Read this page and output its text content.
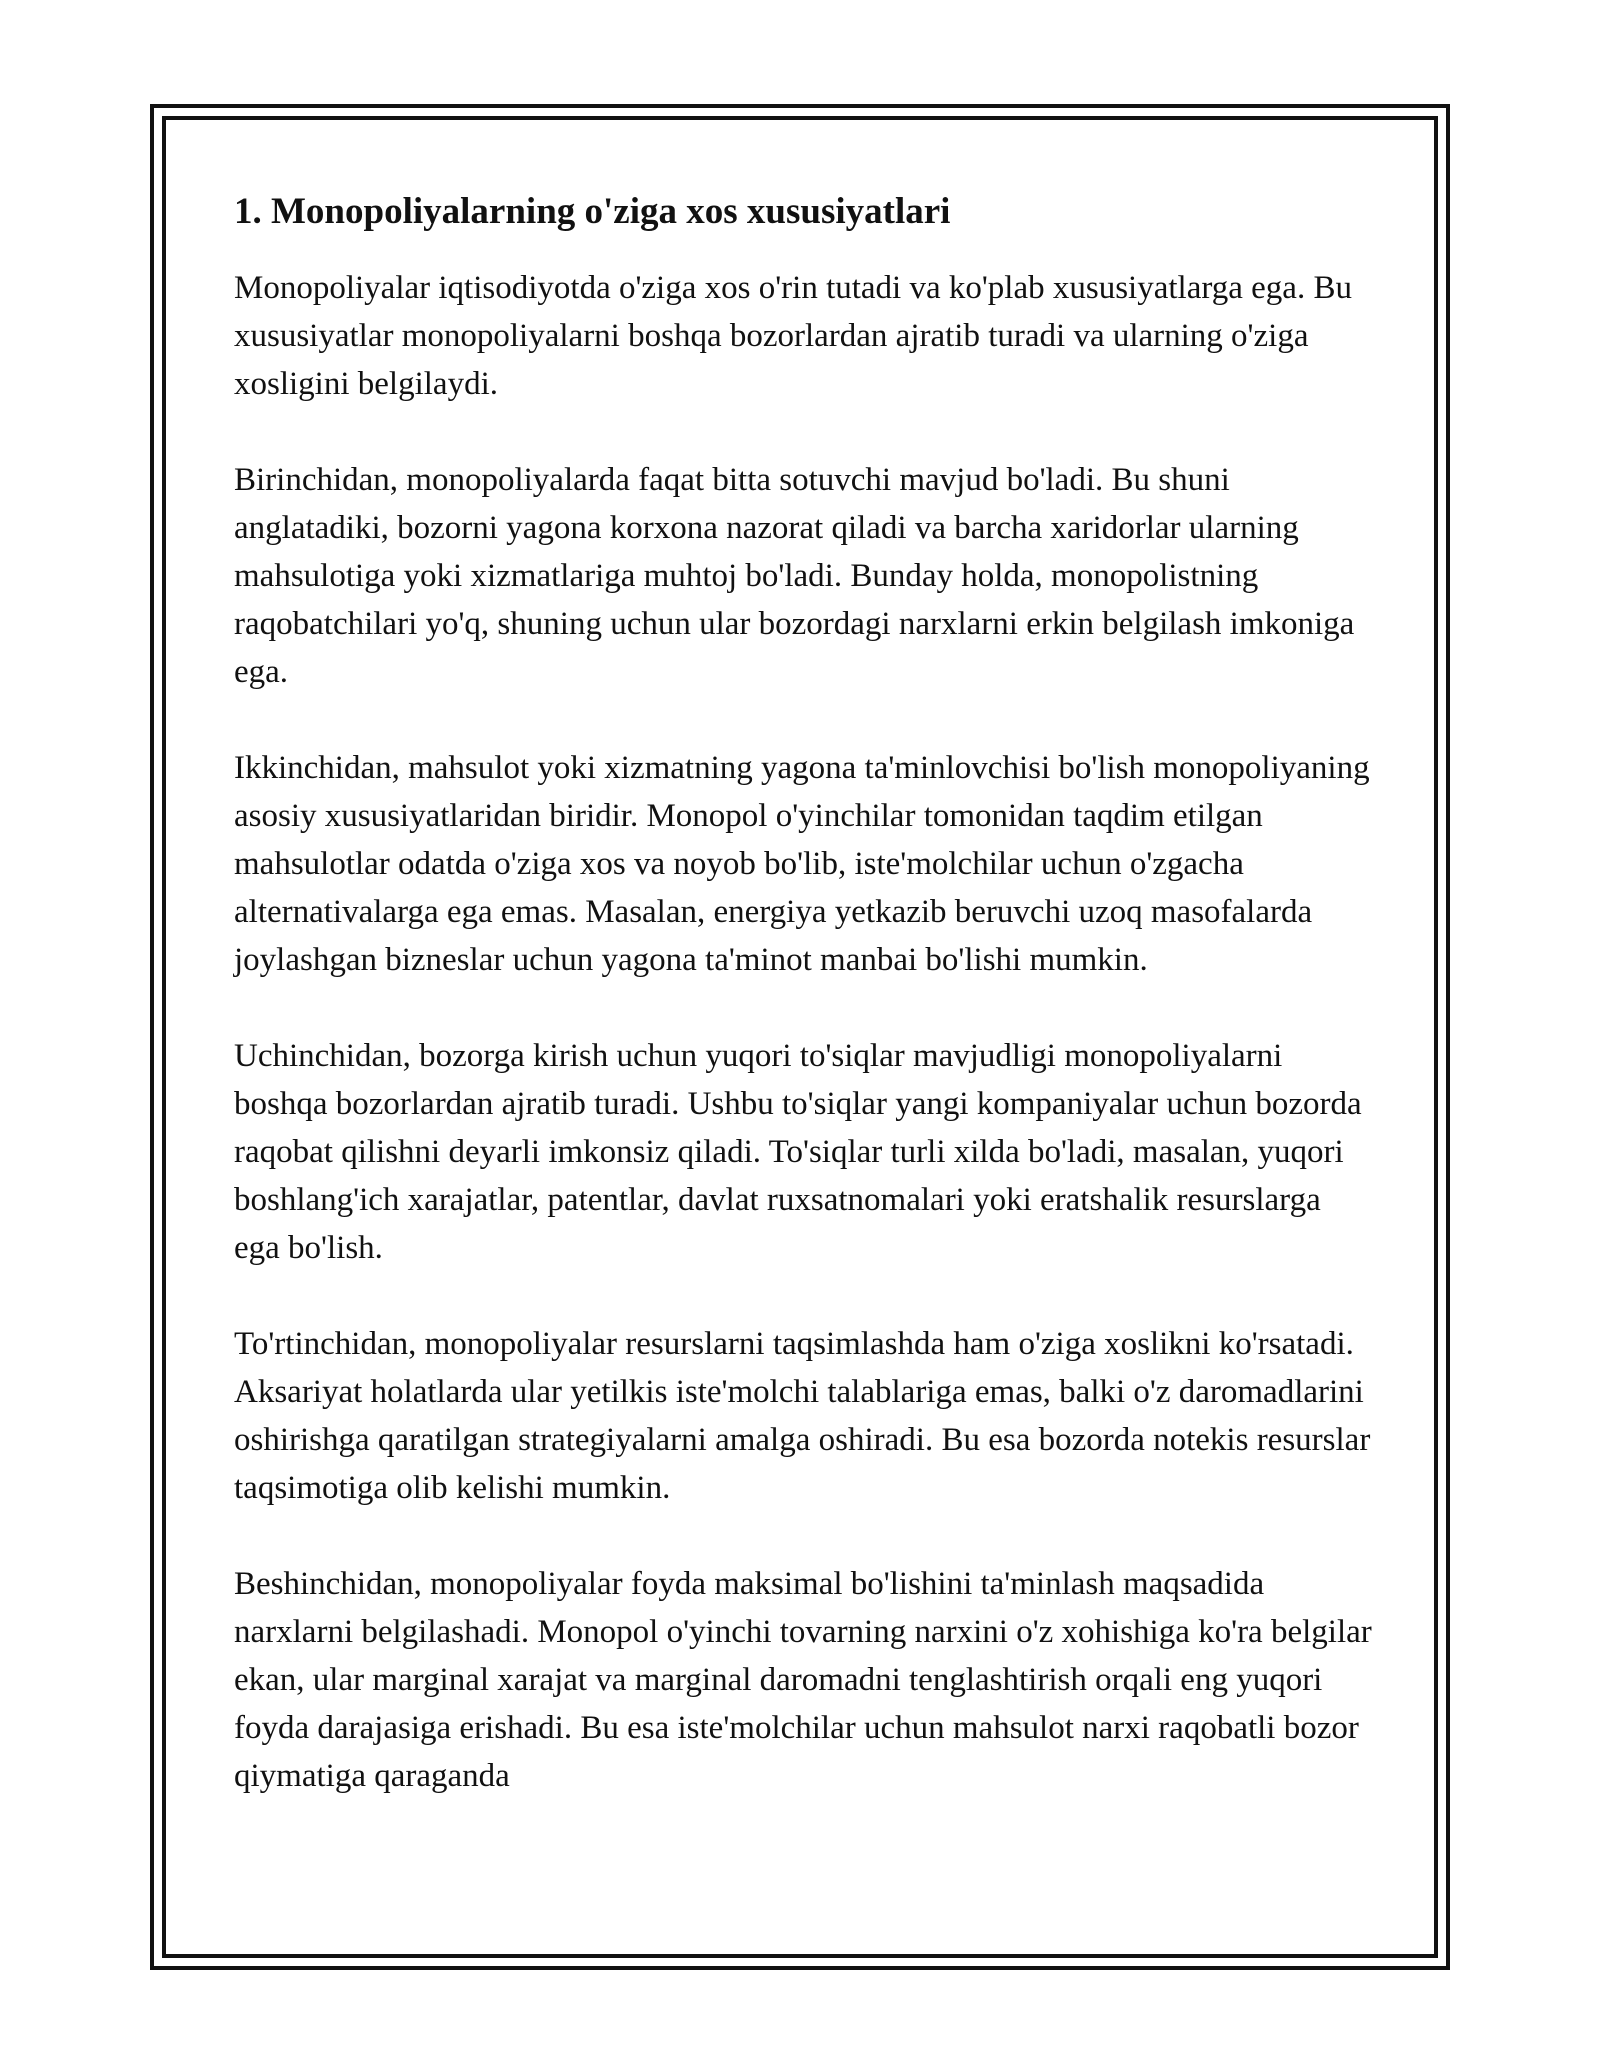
1. Monopoliyalarning o'ziga xos xususiyatlari

Monopoliyalar iqtisodiyotda o'ziga xos o'rin tutadi va ko'plab xususiyatlarga ega. Bu xususiyatlar monopoliyalarni boshqa bozorlardan ajratib turadi va ularning o'ziga xosligini belgilaydi.

Birinchidan, monopoliyalarda faqat bitta sotuvchi mavjud bo'ladi. Bu shuni anglatadiki, bozorni yagona korxona nazorat qiladi va barcha xaridorlar ularning mahsulotiga yoki xizmatlariga muhtoj bo'ladi. Bunday holda, monopolistning raqobatchilari yo'q, shuning uchun ular bozordagi narxlarni erkin belgilash imkoniga ega.

Ikkinchidan, mahsulot yoki xizmatning yagona ta'minlovchisi bo'lish monopoliyaning asosiy xususiyatlaridan biridir. Monopol o'yinchilar tomonidan taqdim etilgan mahsulotlar odatda o'ziga xos va noyob bo'lib, iste'molchilar uchun o'zgacha alternativalarga ega emas. Masalan, energiya yetkazib beruvchi uzoq masofalarda joylashgan bizneslar uchun yagona ta'minot manbai bo'lishi mumkin.

Uchinchidan, bozorga kirish uchun yuqori to'siqlar mavjudligi monopoliyalarni boshqa bozorlardan ajratib turadi. Ushbu to'siqlar yangi kompaniyalar uchun bozorda raqobat qilishni deyarli imkonsiz qiladi. To'siqlar turli xilda bo'ladi, masalan, yuqori boshlang'ich xarajatlar, patentlar, davlat ruxsatnomalari yoki eratshalik resurslarga ega bo'lish.

To'rtinchidan, monopoliyalar resurslarni taqsimlashda ham o'ziga xoslikni ko'rsatadi. Aksariyat holatlarda ular yetilkis iste'molchi talablariga emas, balki o'z daromadlarini oshirishga qaratilgan strategiyalarni amalga oshiradi. Bu esa bozorda notekis resurslar taqsimotiga olib kelishi mumkin.

Beshinchidan, monopoliyalar foyda maksimal bo'lishini ta'minlash maqsadida narxlarni belgilashadi. Monopol o'yinchi tovarning narxini o'z xohishiga ko'ra belgilar ekan, ular marginal xarajat va marginal daromadni tenglashtirish orqali eng yuqori foyda darajasiga erishadi. Bu esa iste'molchilar uchun mahsulot narxi raqobatli bozor qiymatiga qaraganda
